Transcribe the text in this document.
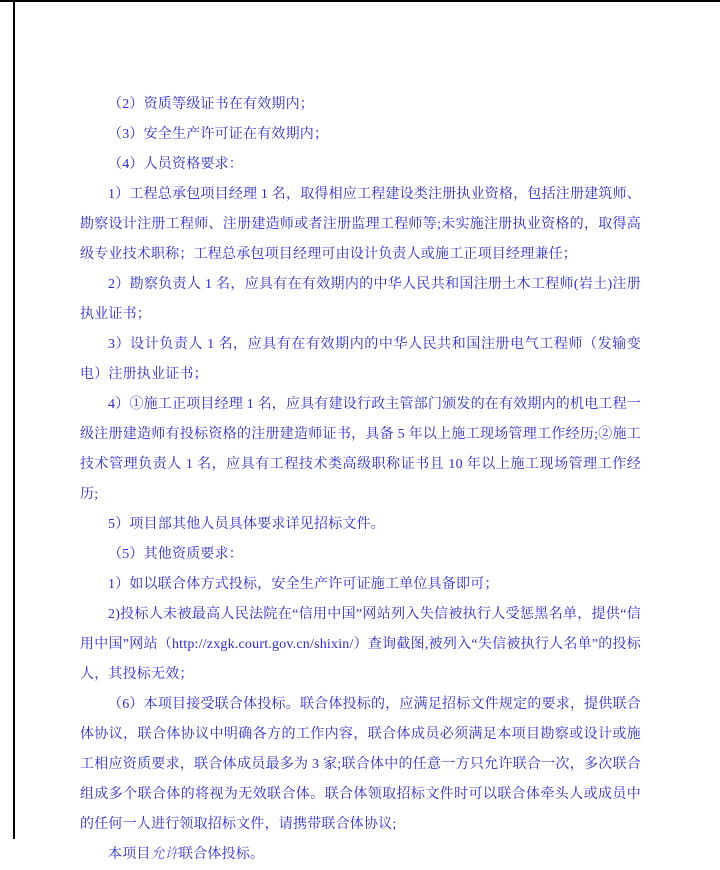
（2）资质等级证书在有效期内；

（3）安全生产许可证在有效期内；

（4）人员资格要求：

1）工程总承包项目经理 1 名，取得相应工程建设类注册执业资格，包括注册建筑师、勘察设计注册工程师、注册建造师或者注册监理工程师等;未实施注册执业资格的，取得高级专业技术职称；工程总承包项目经理可由设计负责人或施工正项目经理兼任；

2）勘察负责人 1 名，应具有在有效期内的中华人民共和国注册土木工程师(岩土)注册执业证书；

3）设计负责人 1 名，应具有在有效期内的中华人民共和国注册电气工程师（发输变电）注册执业证书；

4）①施工正项目经理 1 名，应具有建设行政主管部门颁发的在有效期内的机电工程一级注册建造师有投标资格的注册建造师证书，具备 5 年以上施工现场管理工作经历;②施工技术管理负责人 1 名，应具有工程技术类高级职称证书且 10 年以上施工现场管理工作经历;

5）项目部其他人员具体要求详见招标文件。

（5）其他资质要求：

1）如以联合体方式投标，安全生产许可证施工单位具备即可；

2)投标人未被最高人民法院在“信用中国”网站列入失信被执行人受惩黑名单，提供“信用中国”网站（http://zxgk.court.gov.cn/shixin/）查询截图,被列入“失信被执行人名单”的投标人，其投标无效；

（6）本项目接受联合体投标。联合体投标的，应满足招标文件规定的要求，提供联合体协议，联合体协议中明确各方的工作内容，联合体成员必须满足本项目勘察或设计或施工相应资质要求，联合体成员最多为 3 家;联合体中的任意一方只允许联合一次，多次联合组成多个联合体的将视为无效联合体。联合体领取招标文件时可以联合体牵头人或成员中的任何一人进行领取招标文件，请携带联合体协议;

本项目允许联合体投标。
